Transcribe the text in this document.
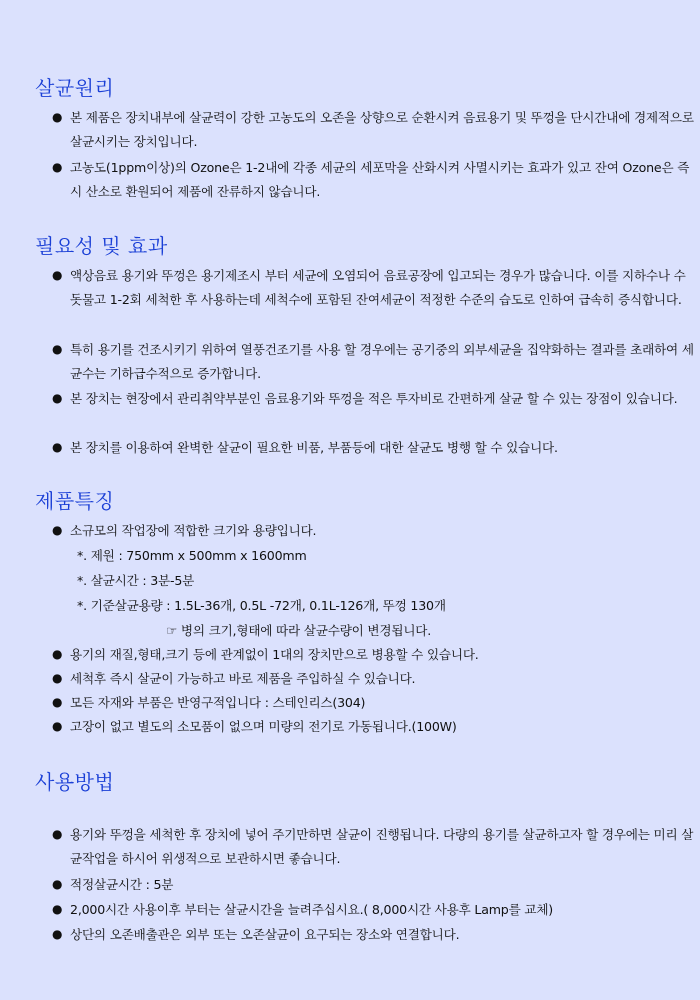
살균원리
● 본 제품은 장치내부에 살균력이 강한 고농도의 오존을 상향으로 순환시켜 음료용기 및 뚜껑을 단시간내에 경제적으로 살균시키는 장치입니다.
● 고농도(1ppm이상)의 Ozone은 1-2내에 각종 세균의 세포막을 산화시켜 사멸시키는 효과가 있고 잔여 Ozone은 즉시 산소로 환원되어 제품에 잔류하지 않습니다.
필요성 및 효과
● 액상음료 용기와 뚜껑은 용기제조시 부터 세균에 오염되어 음료공장에 입고되는 경우가 많습니다. 이를 지하수나 수돗물고 1-2회 세척한 후 사용하는데 세척수에 포함된 잔여세균이 적정한 수준의 습도로 인하여 급속히 증식합니다.
● 특히 용기를 건조시키기 위하여 열풍건조기를 사용 할 경우에는 공기중의 외부세균을 집약화하는 결과를 초래하여 세균수는 기하급수적으로 증가합니다.
● 본 장치는 현장에서 관리취약부분인 음료용기와 뚜껑을 적은 투자비로 간편하게 살균 할 수 있는 장점이 있습니다.
● 본 장치를 이용하여 완벽한 살균이 필요한 비품, 부품등에 대한 살균도 병행 할 수 있습니다.
제품특징
● 소규모의 작업장에 적합한 크기와 용량입니다.
*. 제원 : 750mm x 500mm x 1600mm
*. 살균시간 : 3분-5분
*. 기준살균용량 : 1.5L-36개, 0.5L -72개, 0.1L-126개, 뚜껑 130개
☞ 병의 크기,형태에 따라 살균수량이 변경됩니다.
● 용기의 재질,형태,크기 등에 관계없이 1대의 장치만으로 병용할 수 있습니다.
● 세척후 즉시 살균이 가능하고 바로 제품을 주입하실 수 있습니다.
● 모든 자재와 부품은 반영구적입니다 : 스테인리스(304)
● 고장이 없고 별도의 소모품이 없으며 미량의 전기로 가동됩니다.(100W)
사용방법
● 용기와 뚜껑을 세척한 후 장치에 넣어 주기만하면 살균이 진행됩니다. 다량의 용기를 살균하고자 할 경우에는 미리 살균작업을 하시어 위생적으로 보관하시면 좋습니다.
● 적정살균시간 : 5분
● 2,000시간 사용이후 부터는 살균시간을 늘려주십시요.( 8,000시간 사용후 Lamp를 교체)
● 상단의 오존배출관은 외부 또는 오존살균이 요구되는 장소와 연결합니다.
